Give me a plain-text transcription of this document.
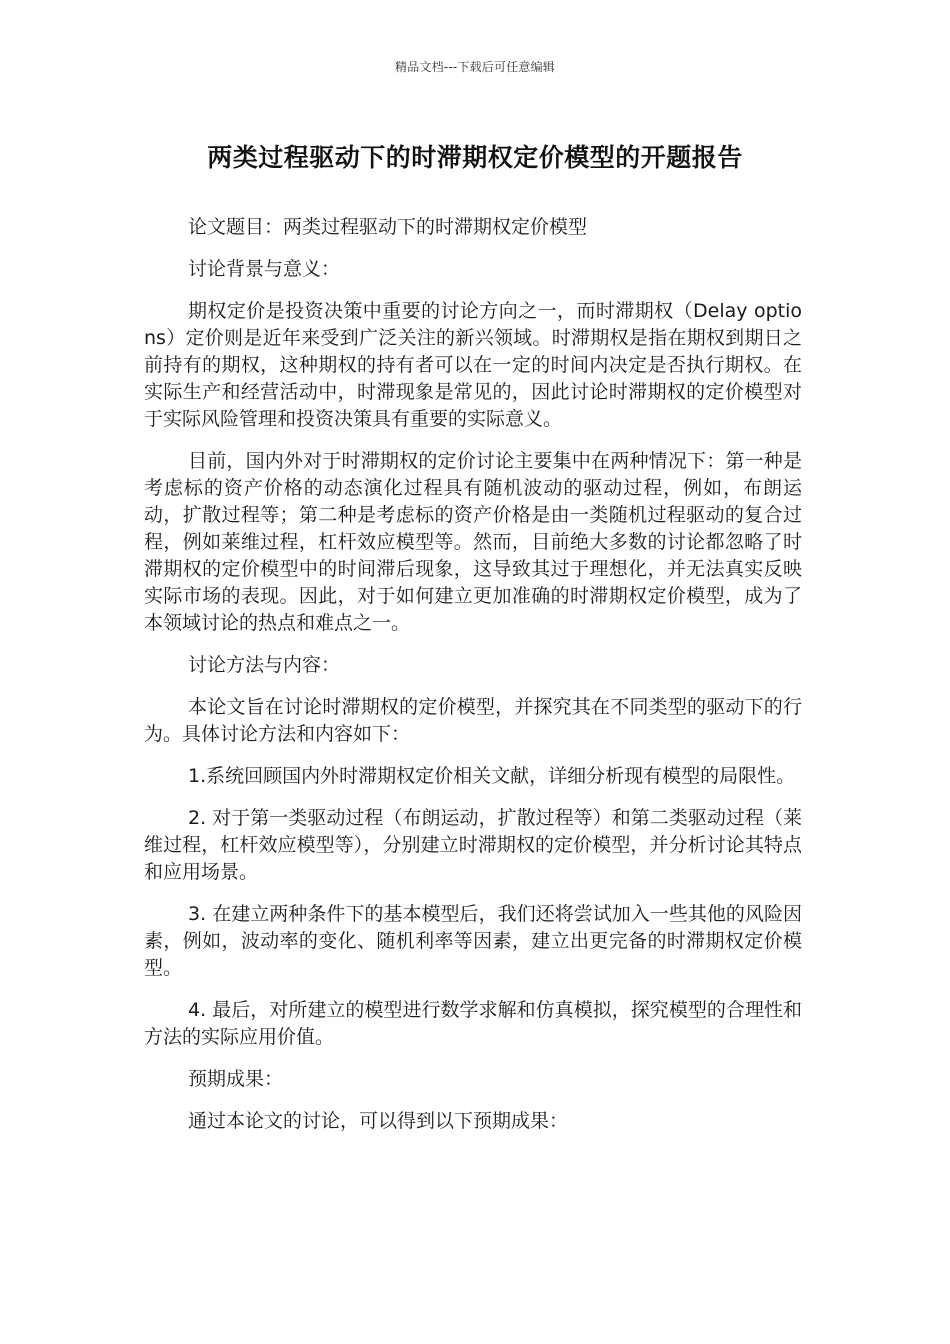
精品文档---下载后可任意编辑
两类过程驱动下的时滞期权定价模型的开题报告

论文题目：两类过程驱动下的时滞期权定价模型

讨论背景与意义：

期权定价是投资决策中重要的讨论方向之一，而时滞期权（Delay options）定价则是近年来受到广泛关注的新兴领域。时滞期权是指在期权到期日之前持有的期权，这种期权的持有者可以在一定的时间内决定是否执行期权。在实际生产和经营活动中，时滞现象是常见的，因此讨论时滞期权的定价模型对于实际风险管理和投资决策具有重要的实际意义。

目前，国内外对于时滞期权的定价讨论主要集中在两种情况下：第一种是考虑标的资产价格的动态演化过程具有随机波动的驱动过程，例如，布朗运动，扩散过程等；第二种是考虑标的资产价格是由一类随机过程驱动的复合过程，例如莱维过程，杠杆效应模型等。然而，目前绝大多数的讨论都忽略了时滞期权的定价模型中的时间滞后现象，这导致其过于理想化，并无法真实反映实际市场的表现。因此，对于如何建立更加准确的时滞期权定价模型，成为了本领域讨论的热点和难点之一。

讨论方法与内容：

本论文旨在讨论时滞期权的定价模型，并探究其在不同类型的驱动下的行为。具体讨论方法和内容如下：

1.系统回顾国内外时滞期权定价相关文献，详细分析现有模型的局限性。

2. 对于第一类驱动过程（布朗运动，扩散过程等）和第二类驱动过程（莱维过程，杠杆效应模型等），分别建立时滞期权的定价模型，并分析讨论其特点和应用场景。

3. 在建立两种条件下的基本模型后，我们还将尝试加入一些其他的风险因素，例如，波动率的变化、随机利率等因素，建立出更完备的时滞期权定价模型。

4. 最后，对所建立的模型进行数学求解和仿真模拟，探究模型的合理性和方法的实际应用价值。

预期成果：

通过本论文的讨论，可以得到以下预期成果：
